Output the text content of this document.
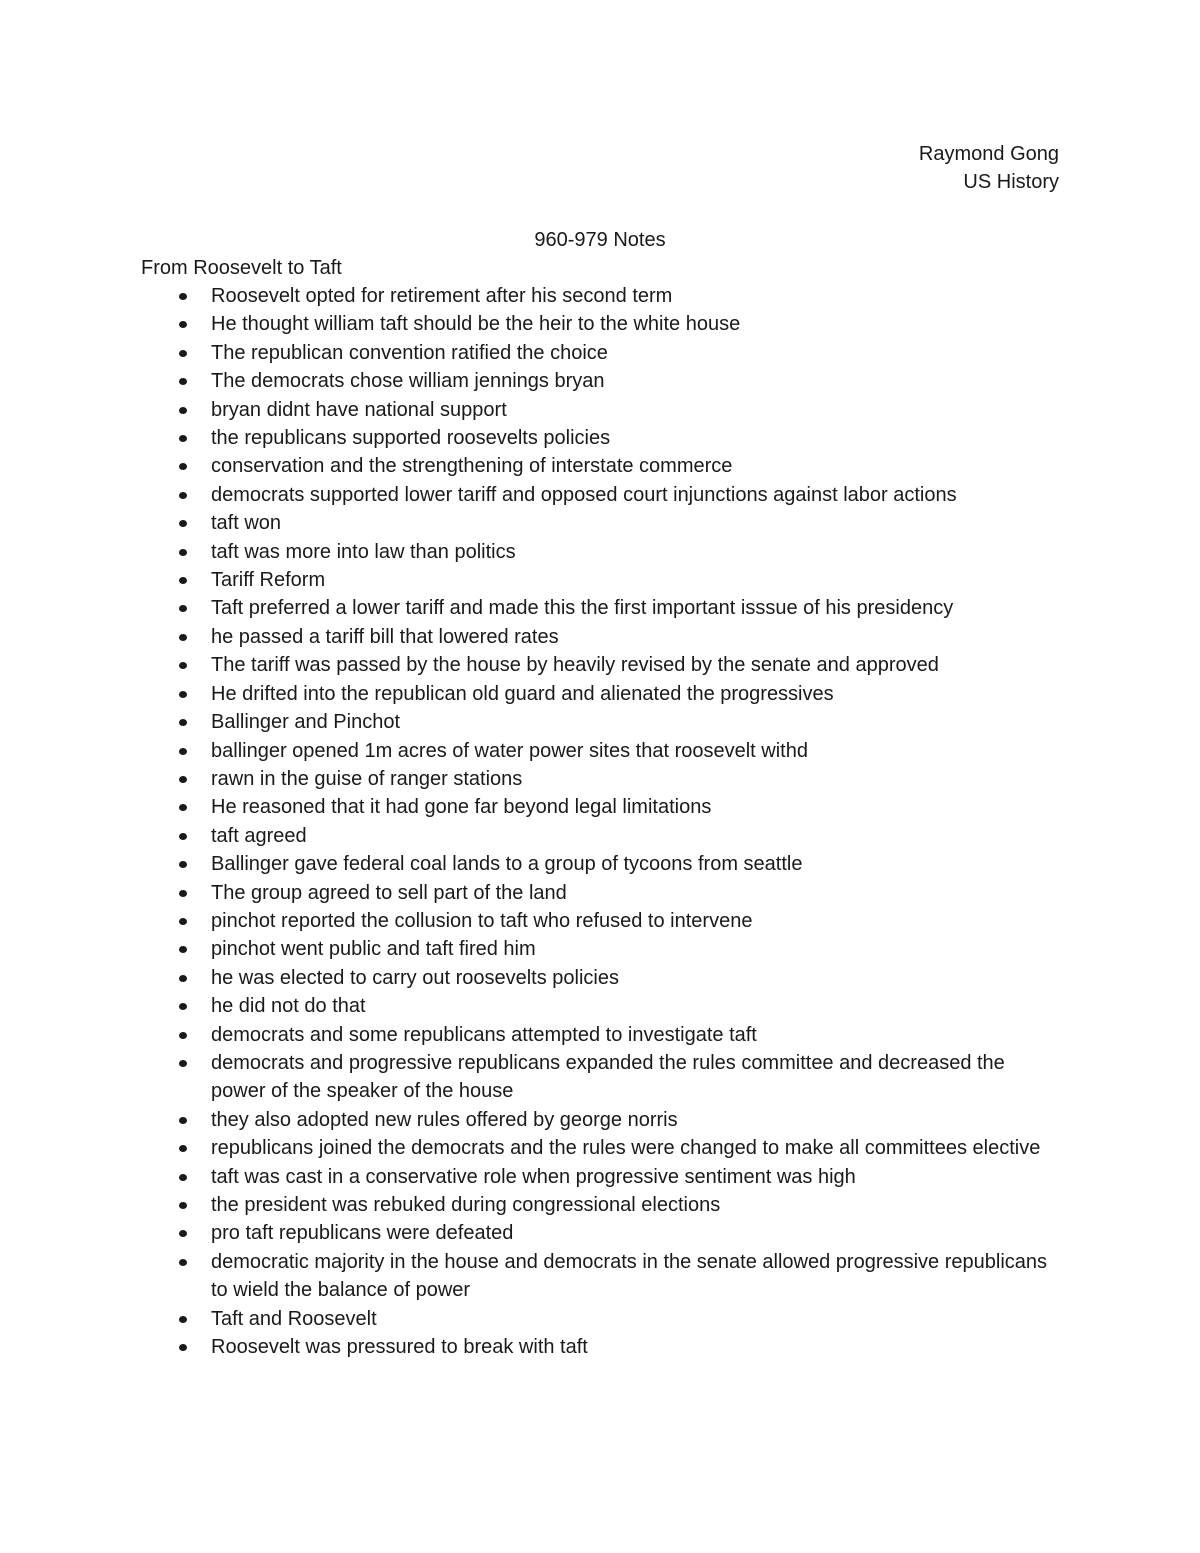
Raymond Gong
US History
960-979 Notes
From Roosevelt to Taft
Roosevelt opted for retirement after his second term
He thought william taft should be the heir to the white house
The republican convention ratified the choice
The democrats chose william jennings bryan
bryan didnt have national support
the republicans supported roosevelts policies
conservation and the strengthening of interstate commerce
democrats supported lower tariff and opposed court injunctions against labor actions
taft won
taft was more into law than politics
Tariff Reform
Taft preferred a lower tariff and made this the first important isssue of his presidency
he passed a tariff bill that lowered rates
The tariff was passed by the house by heavily revised by the senate and approved
He drifted into the republican old guard and alienated the progressives
Ballinger and Pinchot
ballinger opened 1m acres of water power sites that roosevelt withd
rawn in the guise of ranger stations
He reasoned that it had gone far beyond legal limitations
taft agreed
Ballinger gave federal coal lands to a group of tycoons from seattle
The group agreed to sell part of the land
pinchot reported the collusion to taft who refused to intervene
pinchot went public and taft fired him
he was elected to carry out roosevelts policies
he did not do that
democrats and some republicans attempted to investigate taft
democrats and progressive republicans expanded the rules committee and decreased the power of the speaker of the house
they also adopted new rules offered by george norris
republicans joined the democrats and the rules were changed to make all committees elective
taft was cast in a conservative role when progressive sentiment was high
the president was rebuked during congressional elections
pro taft republicans were defeated
democratic majority in the house and democrats in the senate allowed progressive republicans to wield the balance of power
Taft and Roosevelt
Roosevelt was pressured to break with taft
